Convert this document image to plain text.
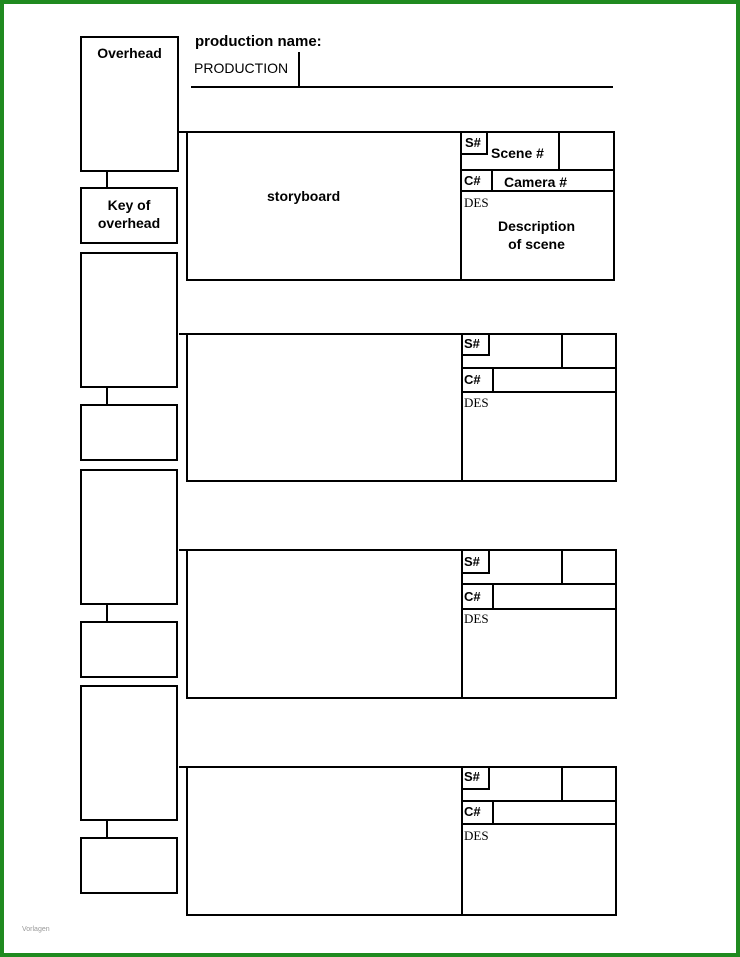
production name:
PRODUCTION
Overhead
Key of
overhead
storyboard
S#
Scene #
C# Camera #
DES
Description
of scene
S#
C#
DES
S#
C#
DES
S#
C#
DES
Vorlagen
